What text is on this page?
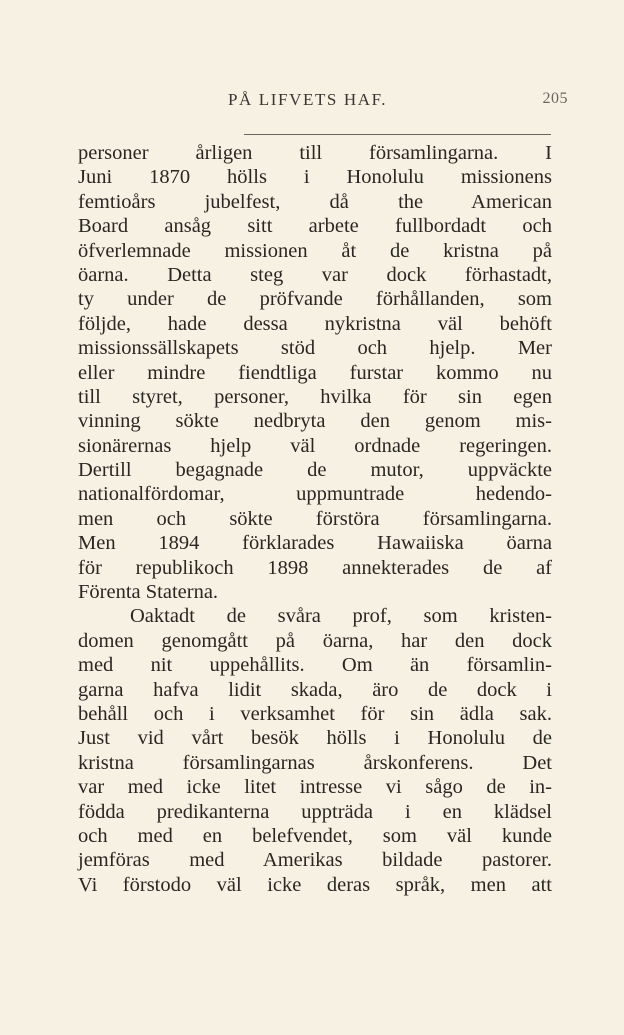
PÅ LIFVETS HAF.	205
personer årligen till församlingarna. I
Juni 1870 hölls i Honolulu missionens
femtioårs jubelfest, då the American
Board ansåg sitt arbete fullbordadt och
öfverlemnade missionen åt de kristna på
öarna. Detta steg var dock förhastadt,
ty under de pröfvande förhållanden, som
följde, hade dessa nykristna väl behöft
missionssällskapets stöd och hjelp. Mer
eller mindre fiendtliga furstar kommo nu
till styret, personer, hvilka för sin egen
vinning sökte nedbryta den genom mis-
sionärernas hjelp väl ordnade regeringen.
Dertill begagnade de mutor, uppväckte
nationalfördomar, uppmuntrade hedendo-
men och sökte förstöra församlingarna.
Men 1894 förklarades Hawaiiska öarna
för republikoch 1898 annekterades de af
Förenta Staterna.
Oaktadt de svåra prof, som kristen-
domen genomgått på öarna, har den dock
med nit uppehållits. Om än församlin-
garna hafva lidit skada, äro de dock i
behåll och i verksamhet för sin ädla sak.
Just vid vårt besök hölls i Honolulu de
kristna församlingarnas årskonferens. Det
var med icke litet intresse vi sågo de in-
födda predikanterna uppträda i en klädsel
och med en belefvendet, som väl kunde
jemföras med Amerikas bildade pastorer.
Vi förstodo väl icke deras språk, men att
